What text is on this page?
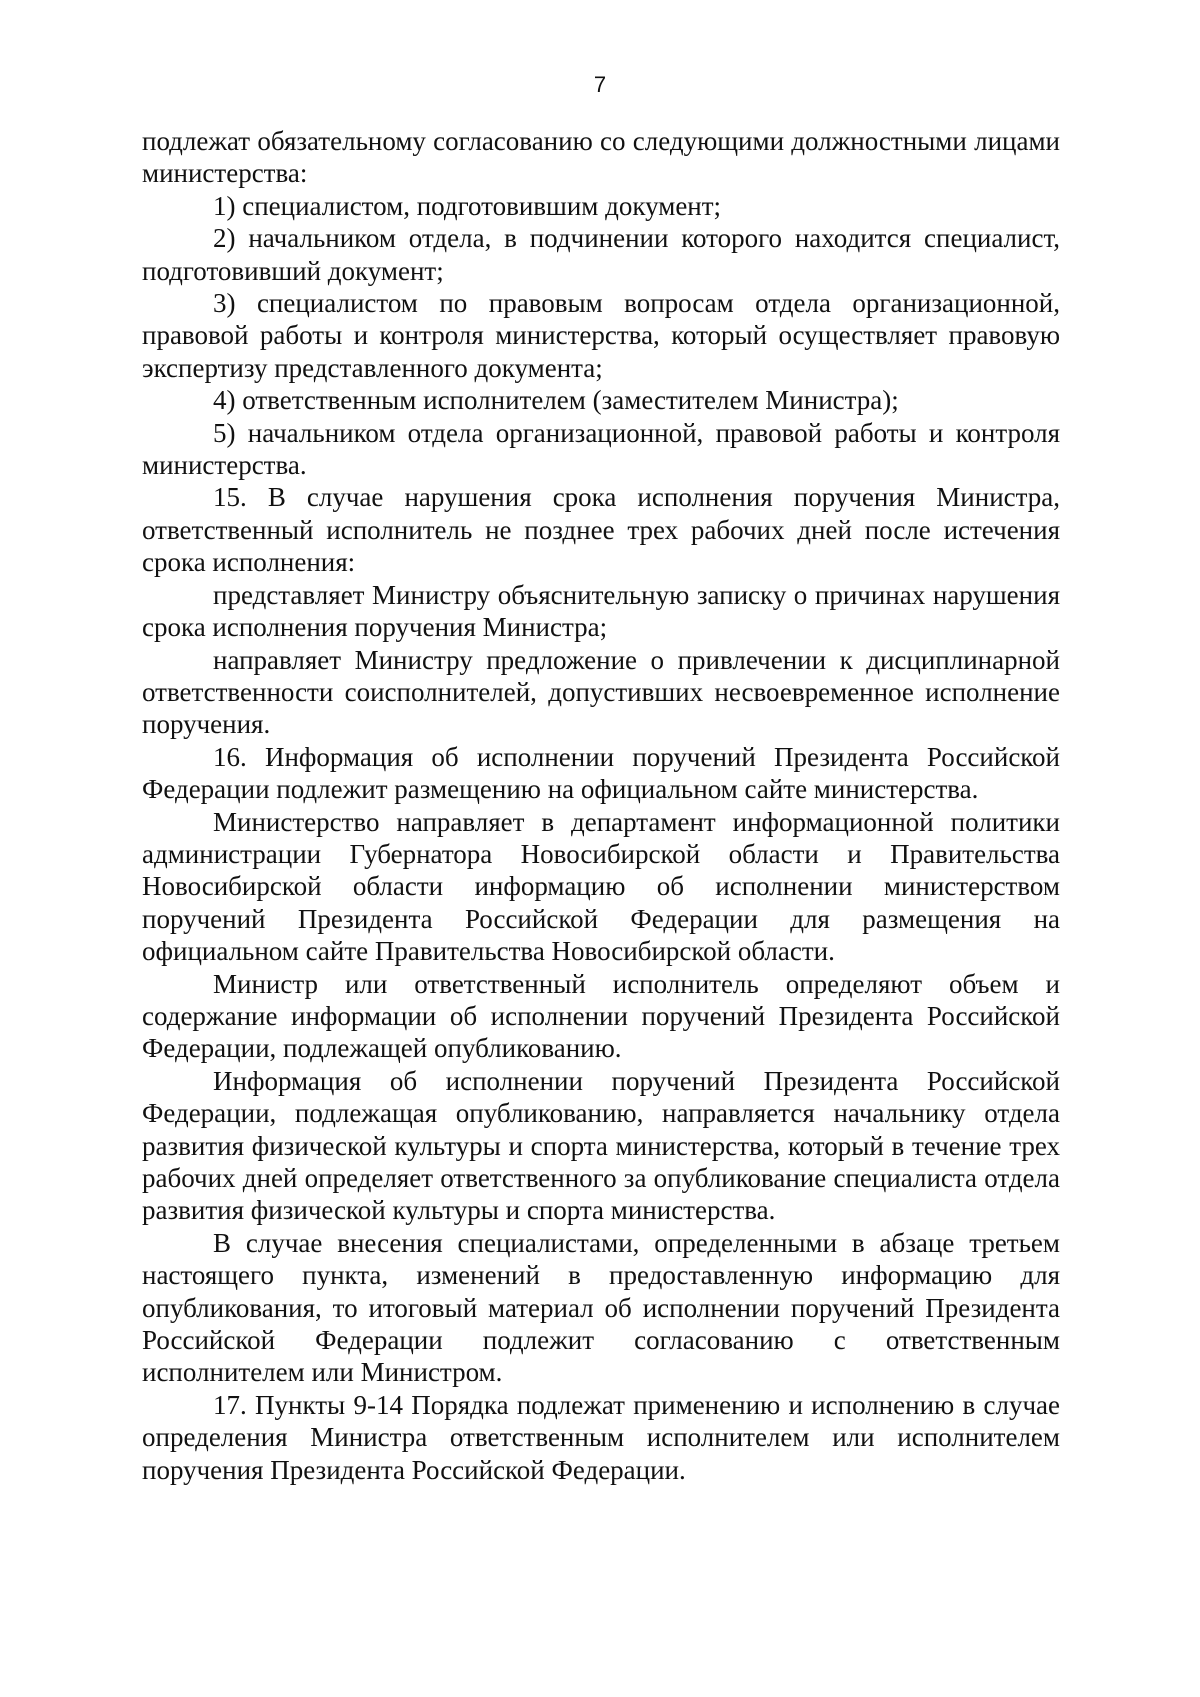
7

подлежат обязательному согласованию со следующими должностными лицами министерства:

1) специалистом, подготовившим документ;

2) начальником отдела, в подчинении которого находится специалист, подготовивший документ;

3) специалистом по правовым вопросам отдела организационной, правовой работы и контроля министерства, который осуществляет правовую экспертизу представленного документа;

4) ответственным исполнителем (заместителем Министра);

5) начальником отдела организационной, правовой работы и контроля министерства.

15. В случае нарушения срока исполнения поручения Министра, ответственный исполнитель не позднее трех рабочих дней после истечения срока исполнения:

представляет Министру объяснительную записку о причинах нарушения срока исполнения поручения Министра;

направляет Министру предложение о привлечении к дисциплинарной ответственности соисполнителей, допустивших несвоевременное исполнение поручения.

16. Информация об исполнении поручений Президента Российской Федерации подлежит размещению на официальном сайте министерства.

Министерство направляет в департамент информационной политики администрации Губернатора Новосибирской области и Правительства Новосибирской области информацию об исполнении министерством поручений Президента Российской Федерации для размещения на официальном сайте Правительства Новосибирской области.

Министр или ответственный исполнитель определяют объем и содержание информации об исполнении поручений Президента Российской Федерации, подлежащей опубликованию.

Информация об исполнении поручений Президента Российской Федерации, подлежащая опубликованию, направляется начальнику отдела развития физической культуры и спорта министерства, который в течение трех рабочих дней определяет ответственного за опубликование специалиста отдела развития физической культуры и спорта министерства.

В случае внесения специалистами, определенными в абзаце третьем настоящего пункта, изменений в предоставленную информацию для опубликования, то итоговый материал об исполнении поручений Президента Российской Федерации подлежит согласованию с ответственным исполнителем или Министром.

17. Пункты 9-14 Порядка подлежат применению и исполнению в случае определения Министра ответственным исполнителем или исполнителем поручения Президента Российской Федерации.
